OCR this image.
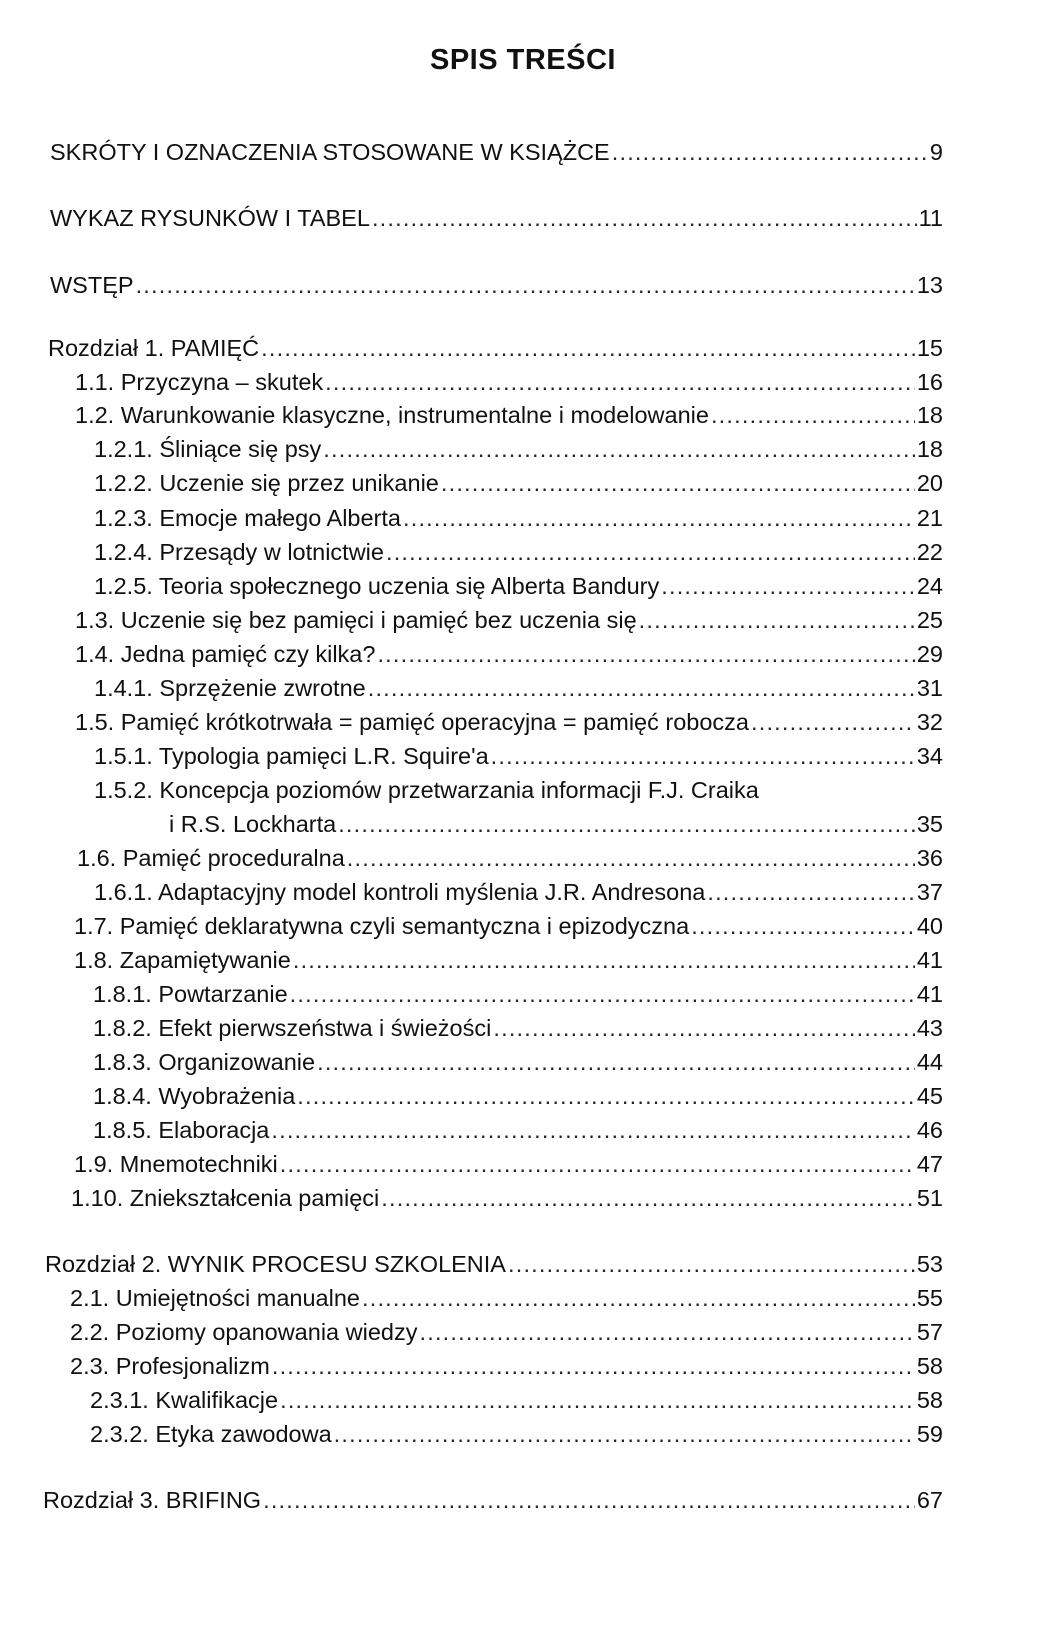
SPIS TREŚCI
SKRÓTY I OZNACZENIA STOSOWANE W KSIĄŻCE .....	9
WYKAZ RYSUNKÓW I TABEL .....	11
WSTĘP .....	13
Rozdział 1. PAMIĘĆ .....	15
1.1. Przyczyna – skutek .....	16
1.2. Warunkowanie klasyczne, instrumentalne i modelowanie .....	18
1.2.1. Śliniące się psy .....	18
1.2.2. Uczenie się przez unikanie .....	20
1.2.3. Emocje małego Alberta .....	21
1.2.4. Przesądy w lotnictwie .....	22
1.2.5. Teoria społecznego uczenia się Alberta Bandury .....	24
1.3. Uczenie się bez pamięci i pamięć bez uczenia się .....	25
1.4. Jedna pamięć czy kilka? .....	29
1.4.1. Sprzężenie zwrotne .....	31
1.5. Pamięć krótkotrwała = pamięć operacyjna = pamięć robocza .....	32
1.5.1. Typologia pamięci L.R. Squire'a .....	34
1.5.2. Koncepcja poziomów przetwarzania informacji F.J. Craika
i R.S. Lockharta .....	35
1.6. Pamięć proceduralna .....	36
1.6.1. Adaptacyjny model kontroli myślenia J.R. Andresona .....	37
1.7. Pamięć deklaratywna czyli semantyczna i epizodyczna .....	40
1.8. Zapamiętywanie .....	41
1.8.1. Powtarzanie .....	41
1.8.2. Efekt pierwszeństwa i świeżości .....	43
1.8.3. Organizowanie .....	44
1.8.4. Wyobrażenia .....	45
1.8.5. Elaboracja .....	46
1.9. Mnemotechniki .....	47
1.10. Zniekształcenia pamięci .....	51
Rozdział 2. WYNIK PROCESU SZKOLENIA .....	53
2.1. Umiejętności manualne .....	55
2.2. Poziomy opanowania wiedzy .....	57
2.3. Profesjonalizm .....	58
2.3.1. Kwalifikacje .....	58
2.3.2. Etyka zawodowa .....	59
Rozdział 3. BRIFING .....	67
